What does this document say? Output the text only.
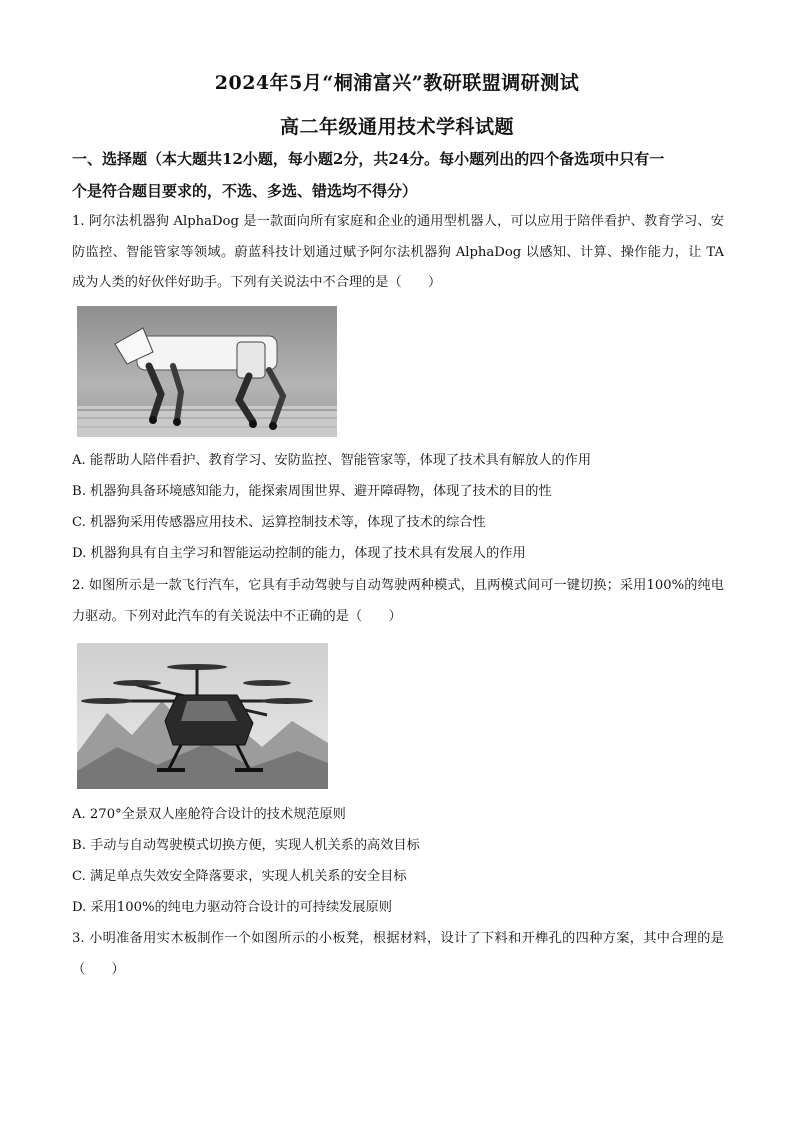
2024年5月“桐浦富兴”教研联盟调研测试
高二年级通用技术学科试题
一、选择题（本大题共12小题，每小题2分，共24分。每小题列出的四个备选项中只有一
个是符合题目要求的，不选、多选、错选均不得分）
1. 阿尔法机器狗 AlphaDog 是一款面向所有家庭和企业的通用型机器人，可以应用于陪伴看护、教育学习、安防监控、智能管家等领域。蔚蓝科技计划通过赋予阿尔法机器狗 AlphaDog 以感知、计算、操作能力，让 TA 成为人类的好伙伴好助手。下列有关说法中不合理的是（　　）
A. 能帮助人陪伴看护、教育学习、安防监控、智能管家等，体现了技术具有解放人的作用
B. 机器狗具备环境感知能力，能探索周围世界、避开障碍物，体现了技术的目的性
C. 机器狗采用传感器应用技术、运算控制技术等，体现了技术的综合性
D. 机器狗具有自主学习和智能运动控制的能力，体现了技术具有发展人的作用
2. 如图所示是一款飞行汽车，它具有手动驾驶与自动驾驶两种模式，且两模式间可一键切换；采用100%的纯电力驱动。下列对此汽车的有关说法中不正确的是（　　）
A. 270°全景双人座舱符合设计的技术规范原则
B. 手动与自动驾驶模式切换方便，实现人机关系的高效目标
C. 满足单点失效安全降落要求，实现人机关系的安全目标
D. 采用100%的纯电力驱动符合设计的可持续发展原则
3. 小明准备用实木板制作一个如图所示的小板凳，根据材料，设计了下料和开榫孔的四种方案，其中合理的是（　　）
